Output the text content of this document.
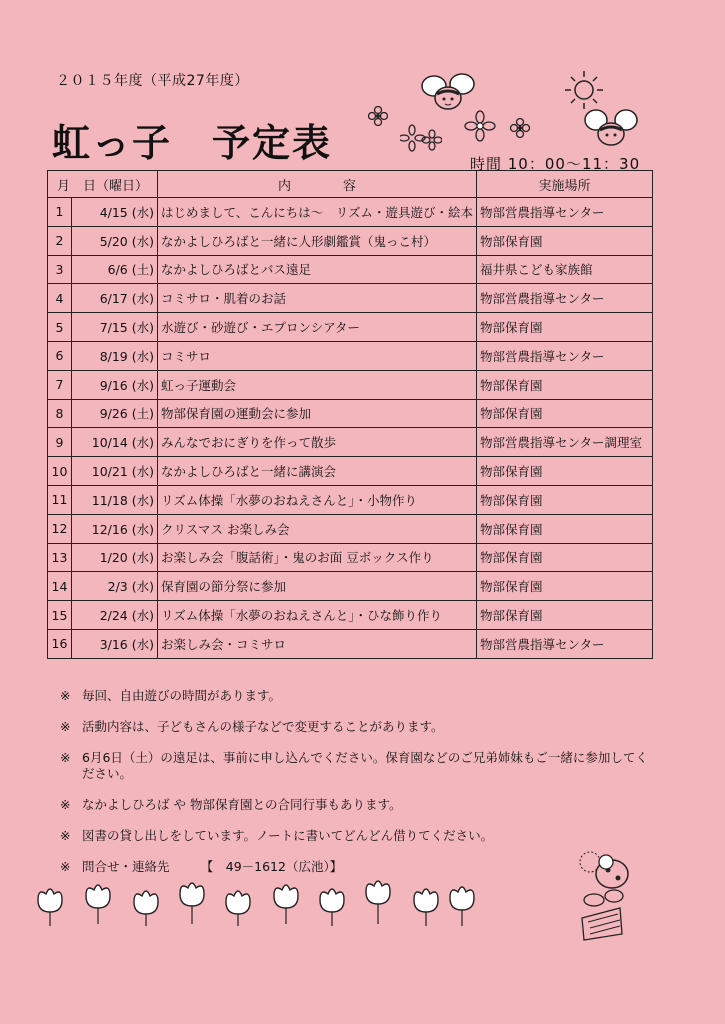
２０１５年度（平成27年度）
虹っ子　予定表	時間 10：00～11：30
月　日（曜日）		内　　　　容	実施場所
1	4/15 (水)	はじめまして、こんにちは～　リズム・遊具遊び・絵本	物部営農指導センター
2	5/20 (水)	なかよしひろばと一緒に人形劇鑑賞（鬼っこ村）	物部保育園
3	6/6 (土)	なかよしひろばとバス遠足	福井県こども家族館
4	6/17 (水)	コミサロ・肌着のお話	物部営農指導センター
5	7/15 (水)	水遊び・砂遊び・エプロンシアター	物部保育園
6	8/19 (水)	コミサロ	物部営農指導センター
7	9/16 (水)	虹っ子運動会	物部保育園
8	9/26 (土)	物部保育園の運動会に参加	物部保育園
9	10/14 (水)	みんなでおにぎりを作って散歩	物部営農指導センター調理室
10	10/21 (水)	なかよしひろばと一緒に講演会	物部保育園
11	11/18 (水)	リズム体操「水夢のおねえさんと」・小物作り	物部保育園
12	12/16 (水)	クリスマス お楽しみ会	物部保育園
13	1/20 (水)	お楽しみ会「腹話術」・鬼のお面 豆ボックス作り	物部保育園
14	2/3 (水)	保育園の節分祭に参加	物部保育園
15	2/24 (水)	リズム体操「水夢のおねえさんと」・ひな飾り作り	物部保育園
16	3/16 (水)	お楽しみ会・コミサロ	物部営農指導センター
※ 毎回、自由遊びの時間があります。
※ 活動内容は、子どもさんの様子などで変更することがあります。
※ 6月6日（土）の遠足は、事前に申し込んでください。保育園などのご兄弟姉妹もご一緒に参加してください。
※ なかよしひろば や 物部保育園との合同行事もあります。
※ 図書の貸し出しをしています。ノートに書いてどんどん借りてください。
※ 問合せ・連絡先　　　【　49－1612（広池）】
